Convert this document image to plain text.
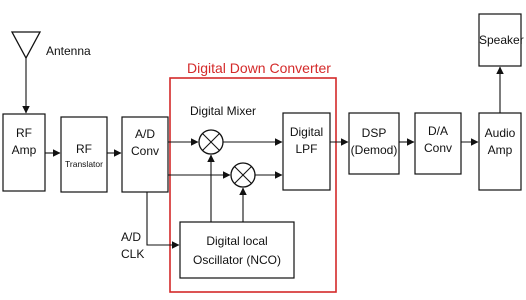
Digital Down Converter
Antenna
RF
Amp	RF
Translator
A/D
Conv
Digital Mixer
Digital
LPF
DSP
(Demod)
D/A
Conv
Audio
Amp
Speaker
Digital local
Oscillator (NCO)
A/D
CLK
